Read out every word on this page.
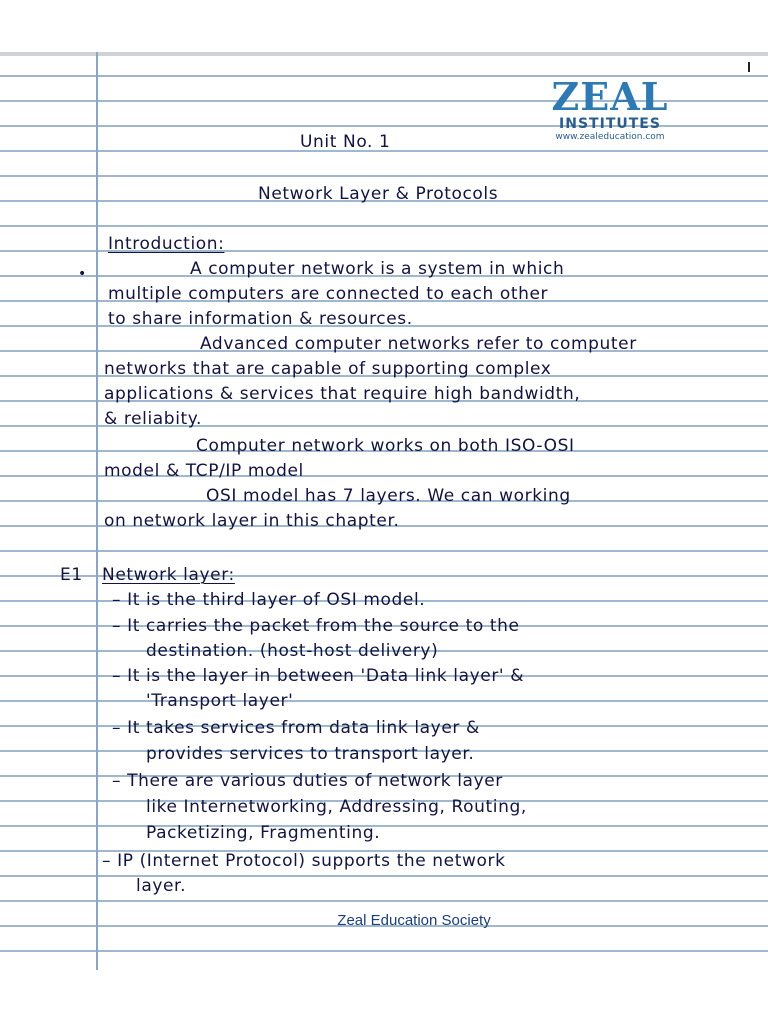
ZEAL
INSTITUTES
www.zealeducation.com
Unit No. 1
Network Layer & Protocols
Introduction:
•	A computer network is a system in which
multiple computers are connected to each other
to share information & resources.
Advanced computer networks refer to computer
networks that are capable of supporting complex
applications & services that require high bandwidth,
& reliabity.
Computer network works on both ISO-OSI
model & TCP/IP model
OSI model has 7 layers. We can working
on network layer in this chapter.
E1 Network layer:
– It is the third layer of OSI model.
– It carries the packet from the source to the
destination. (host-host delivery)
– It is the layer in between 'Data link layer' &
'Transport layer'
– It takes services from data link layer &
provides services to transport layer.
– There are various duties of network layer
like Internetworking, Addressing, Routing,
Packetizing, Fragmenting.
– IP (Internet Protocol) supports the network
layer.
Zeal Education Society
